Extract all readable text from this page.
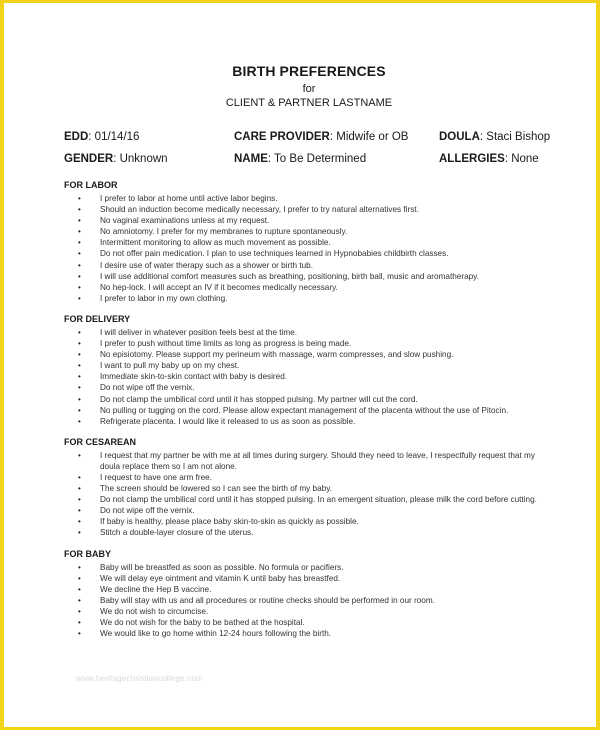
BIRTH PREFERENCES

for

CLIENT & PARTNER LASTNAME

EDD: 01/14/16	CARE PROVIDER: Midwife or OB	DOULA: Staci Bishop
GENDER: Unknown	NAME: To Be Determined	ALLERGIES: None
FOR LABOR
• I prefer to labor at home until active labor begins.
• Should an induction become medically necessary, I prefer to try natural alternatives first.
• No vaginal examinations unless at my request.
• No amniotomy. I prefer for my membranes to rupture spontaneously.
• Intermittent monitoring to allow as much movement as possible.
• Do not offer pain medication. I plan to use techniques learned in Hypnobabies childbirth classes.
• I desire use of water therapy such as a shower or birth tub.
• I will use additional comfort measures such as breathing, positioning, birth ball, music and aromatherapy.
• No hep-lock. I will accept an IV if it becomes medically necessary.
• I prefer to labor in my own clothing.
FOR DELIVERY
• I will deliver in whatever position feels best at the time.
• I prefer to push without time limits as long as progress is being made.
• No episiotomy. Please support my perineum with massage, warm compresses, and slow pushing.
• I want to pull my baby up on my chest.
• Immediate skin-to-skin contact with baby is desired.
• Do not wipe off the vernix.
• Do not clamp the umbilical cord until it has stopped pulsing. My partner will cut the cord.
• No pulling or tugging on the cord. Please allow expectant management of the placenta without the use of Pitocin.
• Refrigerate placenta. I would like it released to us as soon as possible.
FOR CESAREAN
• I request that my partner be with me at all times during surgery. Should they need to leave, I respectfully request that my doula replace them so I am not alone.
• I request to have one arm free.
• The screen should be lowered so I can see the birth of my baby.
• Do not clamp the umbilical cord until it has stopped pulsing. In an emergent situation, please milk the cord before cutting.
• Do not wipe off the vernix.
• If baby is healthy, please place baby skin-to-skin as quickly as possible.
• Stitch a double-layer closure of the uterus.
FOR BABY
• Baby will be breastfed as soon as possible. No formula or pacifiers.
• We will delay eye ointment and vitamin K until baby has breastfed.
• We decline the Hep B vaccine.
• Baby will stay with us and all procedures or routine checks should be performed in our room.
• We do not wish to circumcise.
• We do not wish for the baby to be bathed at the hospital.
• We would like to go home within 12-24 hours following the birth.
www.heritagechristiancollege.com
